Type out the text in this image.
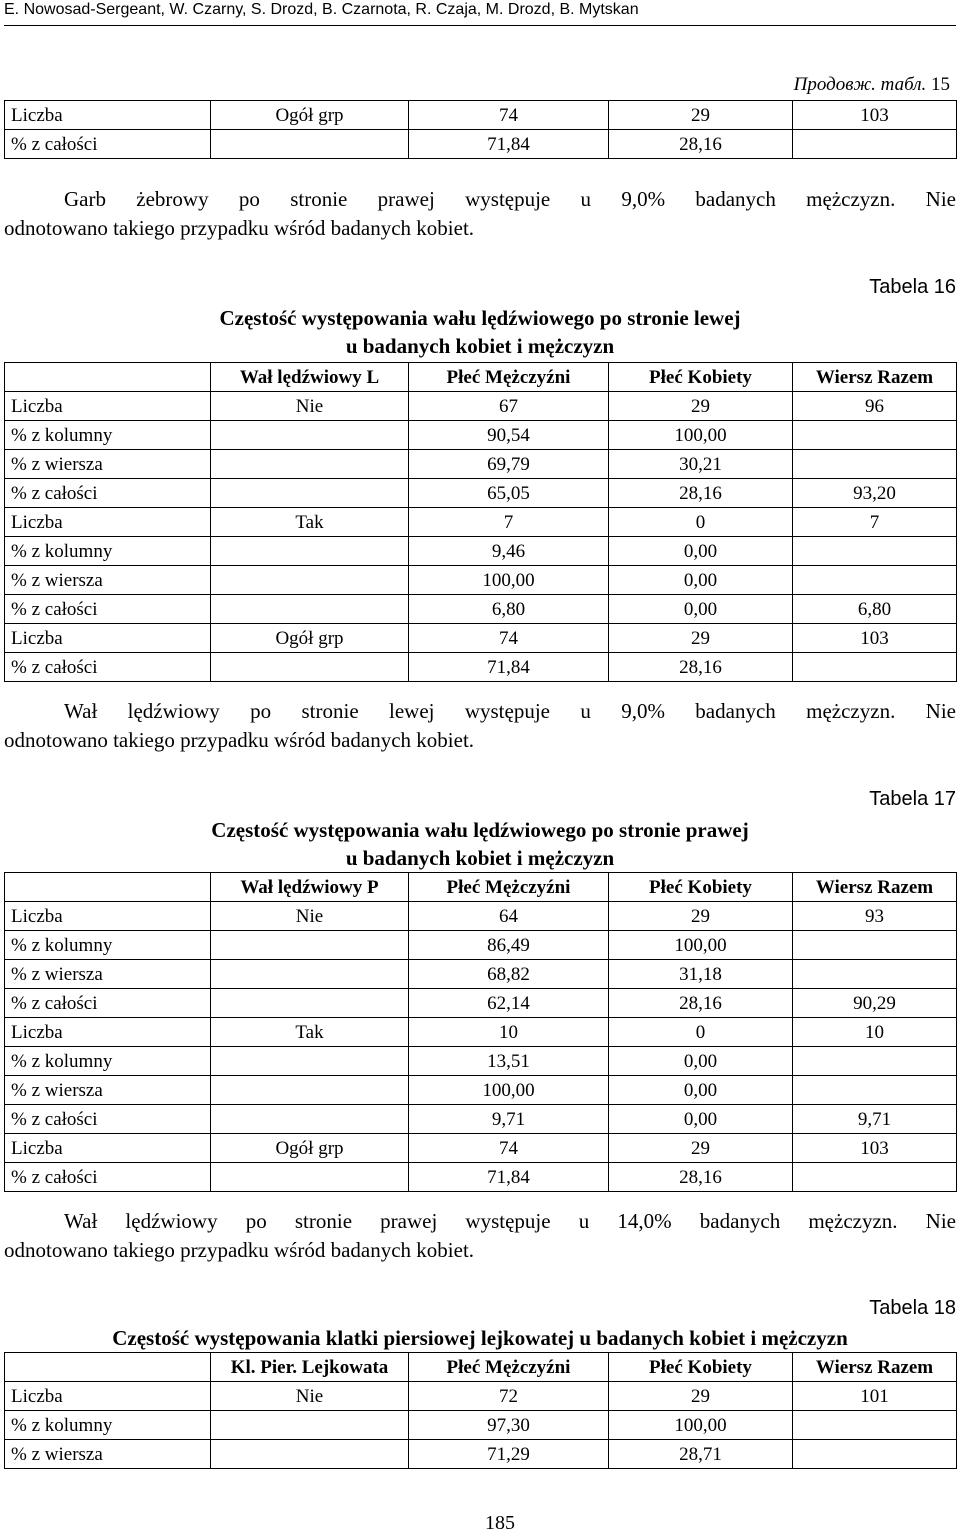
E. Nowosad-Sergeant, W. Czarny, S. Drozd, B. Czarnota, R. Czaja, M. Drozd, B. Mytskan
Продовж. табл. 15
Liczba	Ogół grp	74	29	103
% z całości		71,84	28,16	
Garb żebrowy po stronie prawej występuje u 9,0% badanych mężczyzn. Nie
odnotowano takiego przypadku wśród badanych kobiet.
Tabela 16
Częstość występowania wału lędźwiowego po stronie lewej
u badanych kobiet i mężczyzn
	Wał lędźwiowy L	Płeć Mężczyźni	Płeć Kobiety	Wiersz Razem
Liczba	Nie	67	29	96
% z kolumny		90,54	100,00	
% z wiersza		69,79	30,21	
% z całości		65,05	28,16	93,20
Liczba	Tak	7	0	7
% z kolumny		9,46	0,00	
% z wiersza		100,00	0,00	
% z całości		6,80	0,00	6,80
Liczba	Ogół grp	74	29	103
% z całości		71,84	28,16	
Wał lędźwiowy po stronie lewej występuje u 9,0% badanych mężczyzn. Nie
odnotowano takiego przypadku wśród badanych kobiet.
Tabela 17
Częstość występowania wału lędźwiowego po stronie prawej
u badanych kobiet i mężczyzn
	Wał lędźwiowy P	Płeć Mężczyźni	Płeć Kobiety	Wiersz Razem
Liczba	Nie	64	29	93
% z kolumny		86,49	100,00	
% z wiersza		68,82	31,18	
% z całości		62,14	28,16	90,29
Liczba	Tak	10	0	10
% z kolumny		13,51	0,00	
% z wiersza		100,00	0,00	
% z całości		9,71	0,00	9,71
Liczba	Ogół grp	74	29	103
% z całości		71,84	28,16	
Wał lędźwiowy po stronie prawej występuje u 14,0% badanych mężczyzn. Nie
odnotowano takiego przypadku wśród badanych kobiet.
Tabela 18
Częstość występowania klatki piersiowej lejkowatej u badanych kobiet i mężczyzn
	Kl. Pier. Lejkowata	Płeć Mężczyźni	Płeć Kobiety	Wiersz Razem
Liczba	Nie	72	29	101
% z kolumny		97,30	100,00	
% z wiersza		71,29	28,71	
185
